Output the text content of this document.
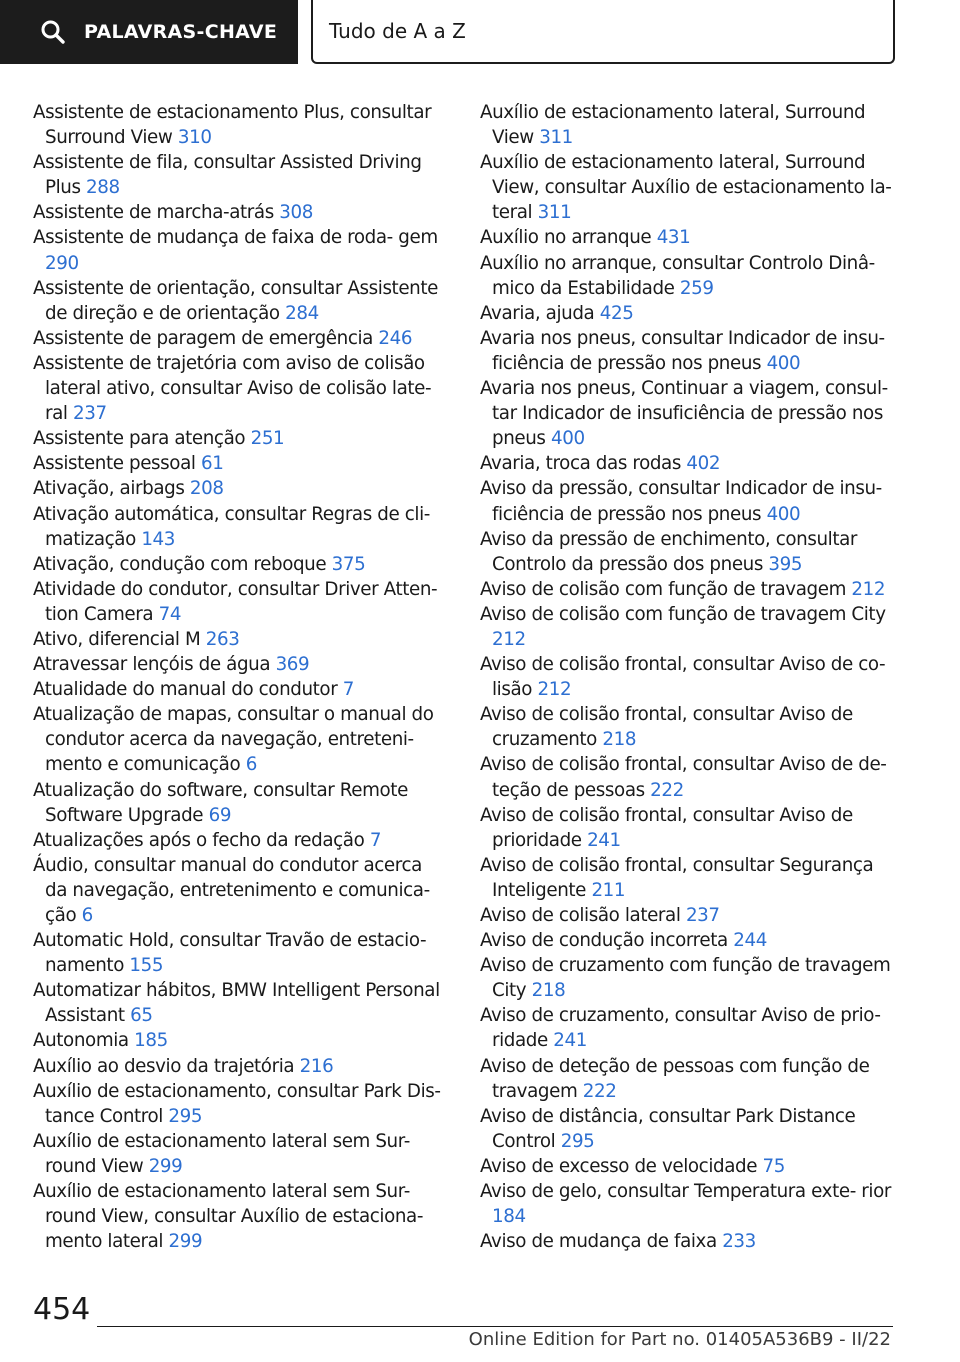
PALAVRAS-CHAVE	Tudo de A a Z

Assistente de estacionamento Plus, consultar Surround View 310

Assistente de fila, consultar Assisted Driving Plus 288

Assistente de marcha-atrás 308

Assistente de mudança de faixa de roda- gem 290

Assistente de orientação, consultar Assistente de direção e de orientação 284

Assistente de paragem de emergência 246

Assistente de trajetória com aviso de colisão lateral ativo, consultar Aviso de colisão late- ral 237

Assistente para atenção 251

Assistente pessoal 61

Ativação, airbags 208

Ativação automática, consultar Regras de cli- matização 143

Ativação, condução com reboque 375

Atividade do condutor, consultar Driver Atten- tion Camera 74

Ativo, diferencial M 263

Atravessar lençóis de água 369

Atualidade do manual do condutor 7

Atualização de mapas, consultar o manual do condutor acerca da navegação, entreteni- mento e comunicação 6

Atualização do software, consultar Remote Software Upgrade 69

Atualizações após o fecho da redação 7

Áudio, consultar manual do condutor acerca da navegação, entretenimento e comunica- ção 6

Automatic Hold, consultar Travão de estacio- namento 155

Automatizar hábitos, BMW Intelligent Personal Assistant 65

Autonomia 185

Auxílio ao desvio da trajetória 216

Auxílio de estacionamento, consultar Park Dis- tance Control 295

Auxílio de estacionamento lateral sem Sur- round View 299

Auxílio de estacionamento lateral sem Sur- round View, consultar Auxílio de estaciona- mento lateral 299

Auxílio de estacionamento lateral, Surround View 311

Auxílio de estacionamento lateral, Surround View, consultar Auxílio de estacionamento la- teral 311

Auxílio no arranque 431

Auxílio no arranque, consultar Controlo Dinâ- mico da Estabilidade 259

Avaria, ajuda 425

Avaria nos pneus, consultar Indicador de insu- ficiência de pressão nos pneus 400

Avaria nos pneus, Continuar a viagem, consul- tar Indicador de insuficiência de pressão nos pneus 400

Avaria, troca das rodas 402

Aviso da pressão, consultar Indicador de insu- ficiência de pressão nos pneus 400

Aviso da pressão de enchimento, consultar Controlo da pressão dos pneus 395

Aviso de colisão com função de travagem 212

Aviso de colisão com função de travagem City 212

Aviso de colisão frontal, consultar Aviso de co- lisão 212

Aviso de colisão frontal, consultar Aviso de cruzamento 218

Aviso de colisão frontal, consultar Aviso de de- teção de pessoas 222

Aviso de colisão frontal, consultar Aviso de prioridade 241

Aviso de colisão frontal, consultar Segurança Inteligente 211

Aviso de colisão lateral 237

Aviso de condução incorreta 244

Aviso de cruzamento com função de travagem City 218

Aviso de cruzamento, consultar Aviso de prio- ridade 241

Aviso de deteção de pessoas com função de travagem 222

Aviso de distância, consultar Park Distance Control 295

Aviso de excesso de velocidade 75

Aviso de gelo, consultar Temperatura exte- rior 184

Aviso de mudança de faixa 233

454
Online Edition for Part no. 01405A536B9 - II/22
